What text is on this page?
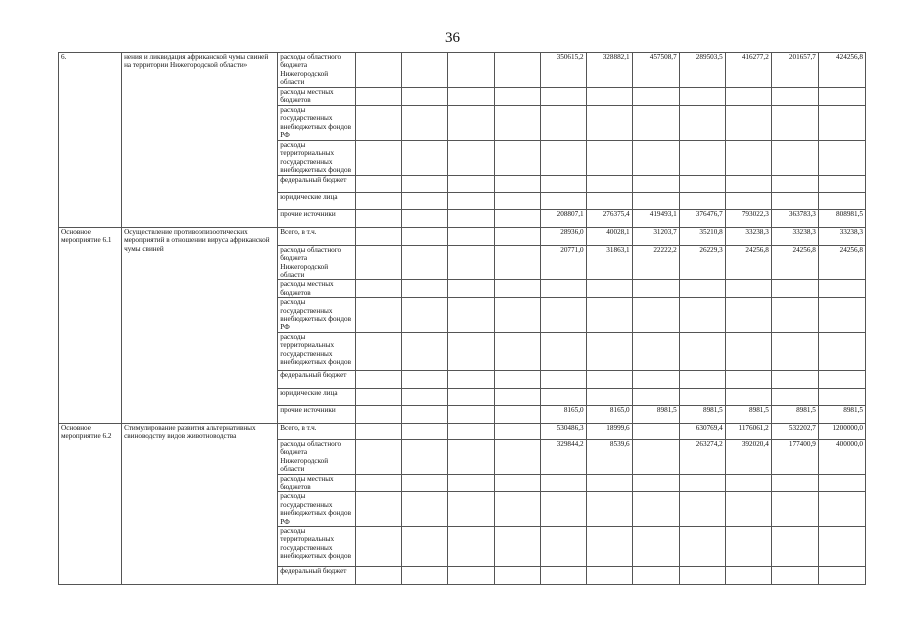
36
6.	нения и ликвидация африканской чумы свиней на территории Нижегородской области»	расходы областного бюджета Нижегородской области					350615,2	328882,1	457508,7	289503,5	416277,2	201657,7	424256,8
		расходы местных бюджетов											
		расходы государственных внебюджетных фондов РФ											
		расходы территориальных государственных внебюджетных фондов											
		федеральный бюджет											
		юридические лица											
		прочие источники					208807,1	276375,4	419493,1	376476,7	793022,3	363783,3	808981,5
Основное мероприятие 6.1	Осуществление противоэпизоотических мероприятий в отношении вируса африканской чумы свиней	Всего, в т.ч.					28936,0	40028,1	31203,7	35210,8	33238,3	33238,3	33238,3
		расходы областного бюджета Нижегородской области					20771,0	31863,1	22222,2	26229,3	24256,8	24256,8	24256,8
		расходы местных бюджетов											
		расходы государственных внебюджетных фондов РФ											
		расходы территориальных государственных внебюджетных фондов											
		федеральный бюджет											
		юридические лица											
		прочие источники					8165,0	8165,0	8981,5	8981,5	8981,5	8981,5	8981,5
Основное мероприятие 6.2	Стимулирование развития альтернативных свиноводству видов животноводства	Всего, в т.ч.					530486,3	18999,6		630769,4	1176061,2	532202,7	1200000,0
		расходы областного бюджета Нижегородской области					329844,2	8539,6		263274,2	392020,4	177400,9	400000,0
		расходы местных бюджетов											
		расходы государственных внебюджетных фондов РФ											
		расходы территориальных государственных внебюджетных фондов											
		федеральный бюджет											
